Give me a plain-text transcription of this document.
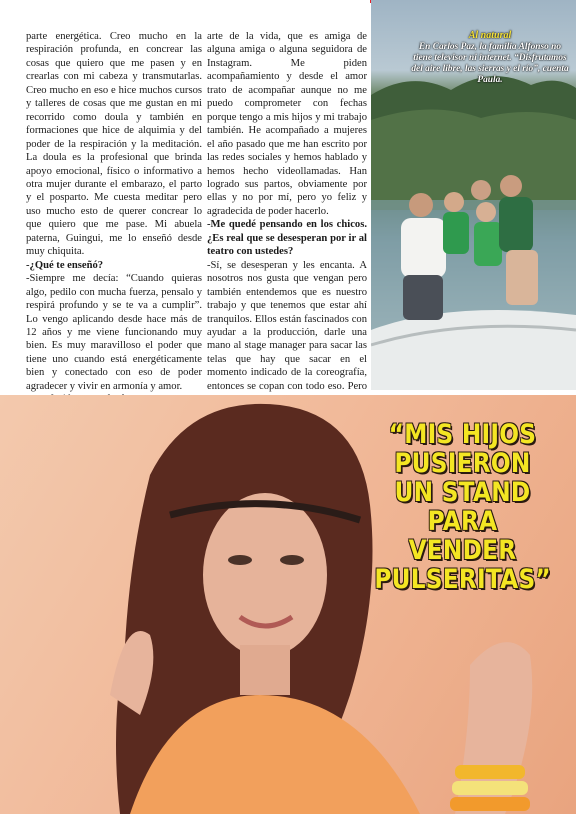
parte energética. Creo mucho en la respiración profunda, en concrear las cosas que quiero que me pasen y en crearlas con mi cabeza y transmutarlas. Creo mucho en eso e hice muchos cursos y talleres de cosas que me gustan en mi recorrido como doula y también en formaciones que hice de alquimia y del poder de la respiración y la meditación. La doula es la profesional que brinda apoyo emocional, físico o informativo a otra mujer durante el embarazo, el parto y el posparto. Me cuesta meditar pero uso mucho esto de querer concrear lo que quiero que me pase. Mi abuela paterna, Guingui, me lo enseñó desde muy chiquita.

-¿Qué te enseñó?

-Siempre me decía: “Cuando quieras algo, pedilo con mucha fuerza, pensalo y respirá profundo y se te va a cumplir”. Lo vengo aplicando desde hace más de 12 años y me viene funcionando muy bien. Es muy maravilloso el poder que tiene uno cuando está energéticamente bien y conectado con eso de poder agradecer y vivir en armonía y amor.

arte de la vida, que es amiga de alguna amiga o alguna seguidora de Instagram. Me piden acompañamiento y desde el amor trato de acompañar aunque no me puedo comprometer con fechas porque tengo a mis hijos y mi trabajo también. He acompañado a mujeres el año pasado que me han escrito por las redes sociales y hemos hablado y hemos hecho videollamadas. Han logrado sus partos, obviamente por ellas y no por mí, pero yo feliz y agradecida de poder hacerlo.

-Me quedé pensando en los chicos. ¿Es real que se desesperan por ir al teatro con ustedes?

-Sí, se desesperan y les encanta. A nosotros nos gusta que vengan pero también entendemos que es nuestro trabajo y que tenemos que estar ahí tranquilos. Ellos están fascinados con ayudar a la producción, darle una mano al stage manager para sacar las telas que hay que sacar en el momento indicado de la coreografía, entonces se copan con todo eso. Pero

Al natural
En Carlos Paz, la familia Alfonso no tiene televisor ni internet. “Disfrutamos del aire libre, las sierras y el río”, cuenta Paula.
“MIS HIJOS PUSIERON UN STAND PARA VENDER PULSERITAS”
